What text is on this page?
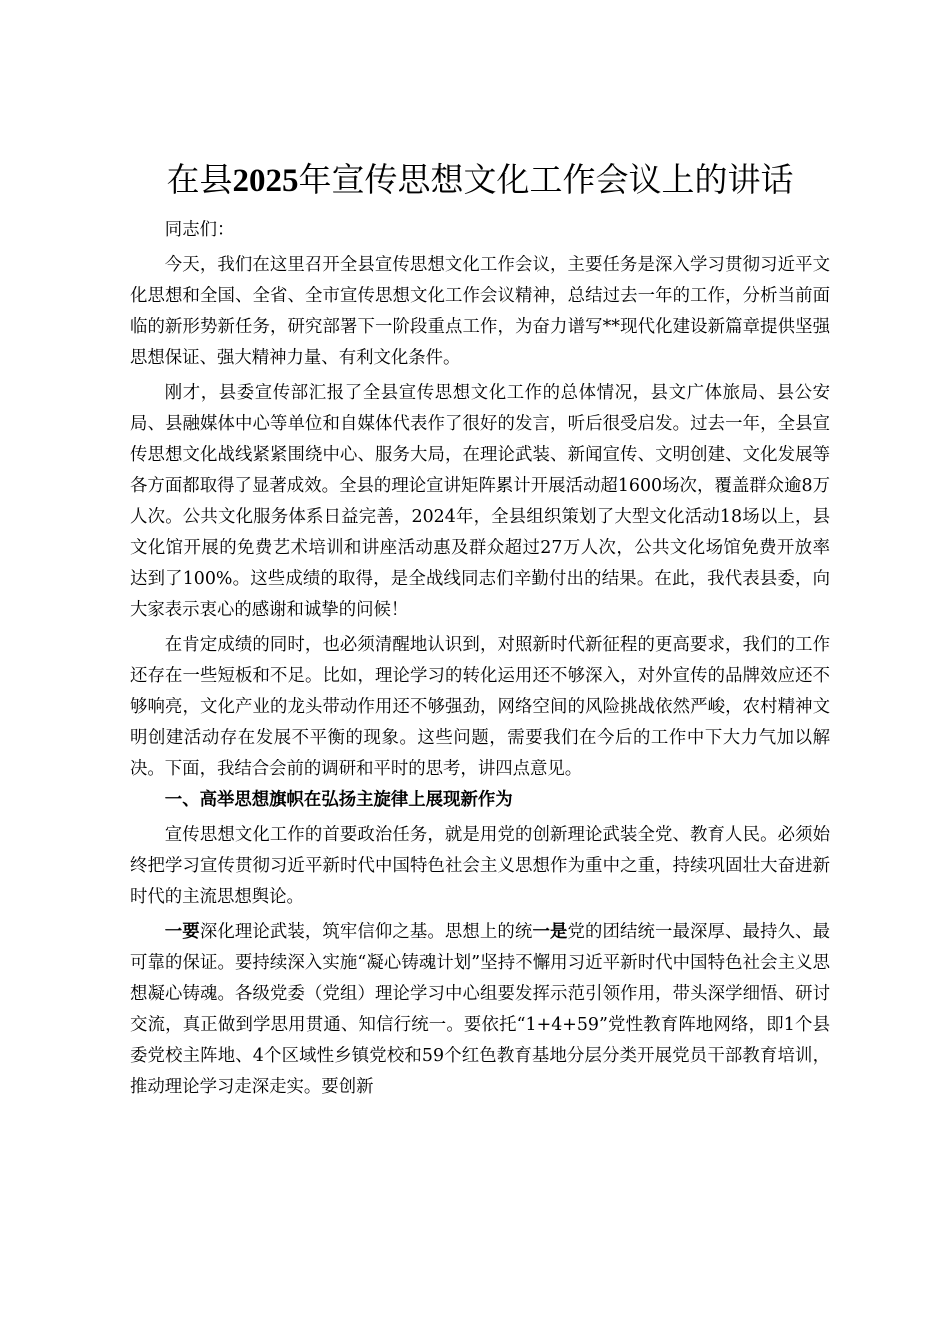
在县2025年宣传思想文化工作会议上的讲话

同志们：

今天，我们在这里召开全县宣传思想文化工作会议，主要任务是深入学习贯彻习近平文化思想和全国、全省、全市宣传思想文化工作会议精神，总结过去一年的工作，分析当前面临的新形势新任务，研究部署下一阶段重点工作，为奋力谱写**现代化建设新篇章提供坚强思想保证、强大精神力量、有利文化条件。

刚才，县委宣传部汇报了全县宣传思想文化工作的总体情况，县文广体旅局、县公安局、县融媒体中心等单位和自媒体代表作了很好的发言，听后很受启发。过去一年，全县宣传思想文化战线紧紧围绕中心、服务大局，在理论武装、新闻宣传、文明创建、文化发展等各方面都取得了显著成效。全县的理论宣讲矩阵累计开展活动超1600场次，覆盖群众逾8万人次。公共文化服务体系日益完善，2024年，全县组织策划了大型文化活动18场以上，县文化馆开展的免费艺术培训和讲座活动惠及群众超过27万人次，公共文化场馆免费开放率达到了100%。这些成绩的取得，是全战线同志们辛勤付出的结果。在此，我代表县委，向大家表示衷心的感谢和诚挚的问候！

在肯定成绩的同时，也必须清醒地认识到，对照新时代新征程的更高要求，我们的工作还存在一些短板和不足。比如，理论学习的转化运用还不够深入，对外宣传的品牌效应还不够响亮，文化产业的龙头带动作用还不够强劲，网络空间的风险挑战依然严峻，农村精神文明创建活动存在发展不平衡的现象。这些问题，需要我们在今后的工作中下大力气加以解决。下面，我结合会前的调研和平时的思考，讲四点意见。

一、高举思想旗帜在弘扬主旋律上展现新作为

宣传思想文化工作的首要政治任务，就是用党的创新理论武装全党、教育人民。必须始终把学习宣传贯彻习近平新时代中国特色社会主义思想作为重中之重，持续巩固壮大奋进新时代的主流思想舆论。

一要深化理论武装，筑牢信仰之基。思想上的统一是党的团结统一最深厚、最持久、最可靠的保证。要持续深入实施“凝心铸魂计划”坚持不懈用习近平新时代中国特色社会主义思想凝心铸魂。各级党委（党组）理论学习中心组要发挥示范引领作用，带头深学细悟、研讨交流，真正做到学思用贯通、知信行统一。要依托“1+4+59”党性教育阵地网络，即1个县委党校主阵地、4个区域性乡镇党校和59个红色教育基地分层分类开展党员干部教育培训，推动理论学习走深走实。要创新
